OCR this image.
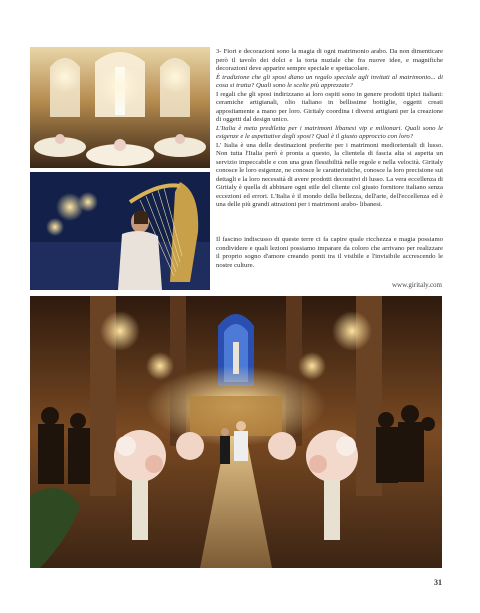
3- Fiori e decorazioni sono la magia di ogni matrimonio arabo. Da non dimenticare però il tavolo dei dolci e la torta nuziale che fra nuove idee, e magnifiche decorazioni deve apparire sempre speciale e spettacolare.

È tradizione che gli sposi diano un regalo speciale agli invitati al matrimonio... di cosa si tratta? Quali sono le scelte più apprezzate?

I regali che gli sposi indirizzano ai loro ospiti sono in genere prodotti tipici italiani: ceramiche artigianali, olio italiano in bellissime bottiglie, oggetti creati appositamente a mano per loro. Giritaly coordina i diversi artigiani per la creazione di oggetti dal design unico.

L'Italia è meta prediletta per i matrimoni libanesi vip e milionari. Quali sono le esigenze e le aspettative degli sposi? Qual è il giusto approccio con loro?

L' Italia è una delle destinazioni preferite per i matrimoni mediorientali di lusso. Non tutta l'Italia però è pronta a questo, la clientela di fascia alta si aspetta un servizio impeccabile e con una gran flessibilità nelle regole e nella velocità. Giritaly conosce le loro esigenze, ne conosce le caratteristiche, conosce la loro precisione sui dettagli e la loro necessità di avere prodotti decorativi di lusso. La vera eccellenza di Giritaly è quella di abbinare ogni stile del cliente col giusto fornitore italiano senza eccezioni ed errori. L'Italia è il mondo della bellezza, dell'arte, dell'eccellenza ed è una delle più grandi attrazioni per i matrimoni arabo- libanesi.

Il fascino indiscusso di queste terre ci fa capire quale ricchezza e magia possiamo condividere e quali lezioni possiamo imparare da coloro che arrivano per realizzare il proprio sogno d'amore creando ponti tra il visibile e l'invisibile accrescendo le nostre culture.

www.giritaly.com
31
